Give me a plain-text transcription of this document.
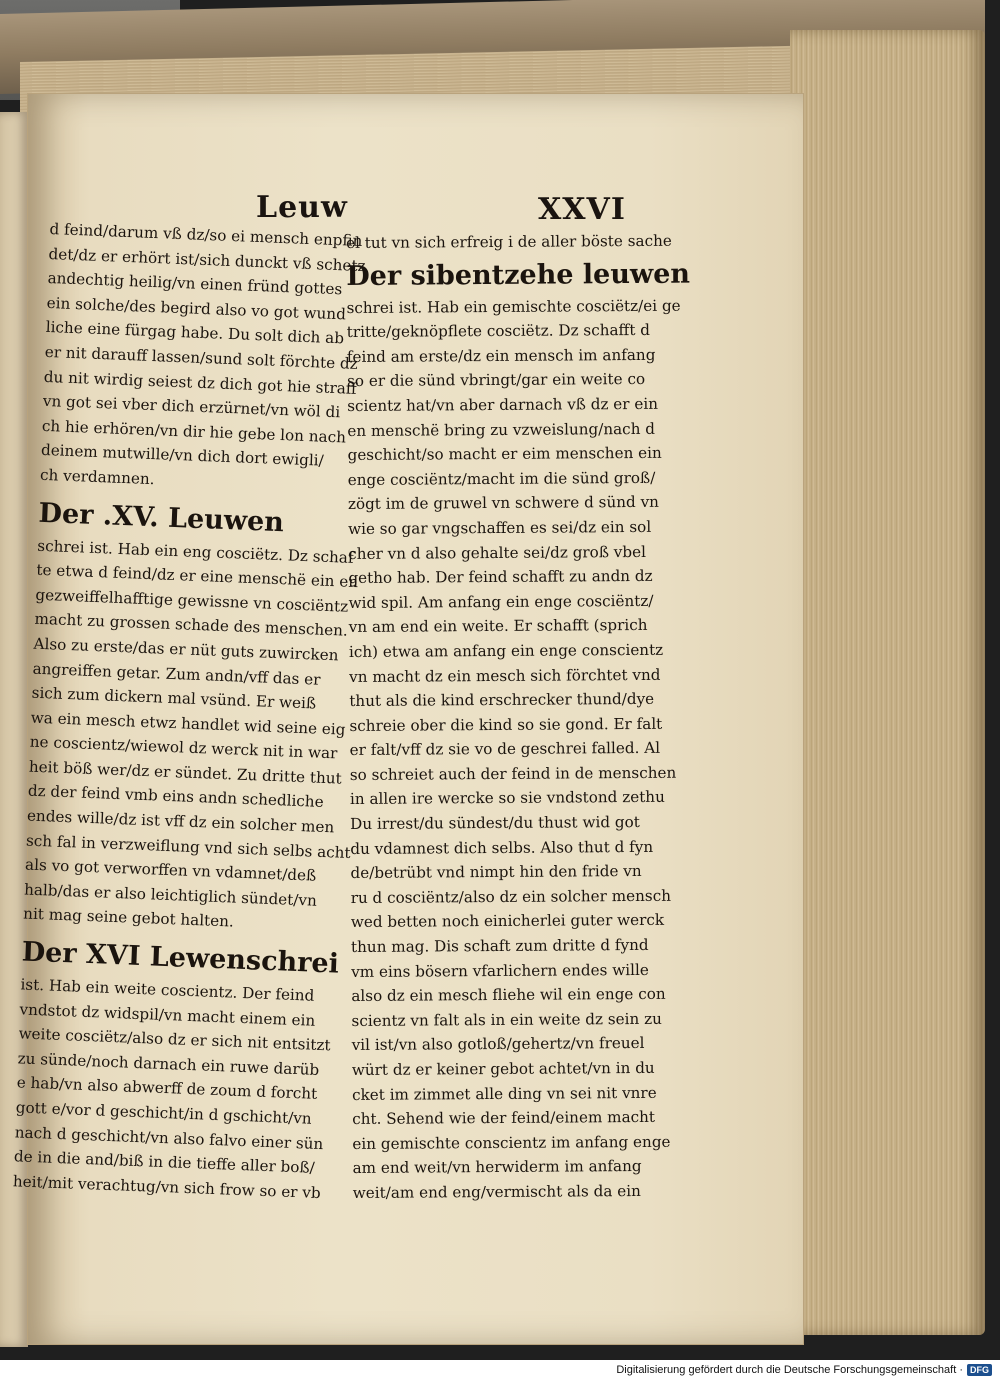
Leuw	XXVI

d feind/darum vß dz/so ei mensch enpfin

det/dz er erhört ist/sich dunckt vß schetz

andechtig heilig/vn einen fründ gottes

ein solche/des begird also vo got wund

liche eine fürgag habe. Du solt dich ab

er nit darauff lassen/sund solt förchte dz

du nit wirdig seiest dz dich got hie straff

vn got sei vber dich erzürnet/vn wöl di

ch hie erhören/vn dir hie gebe lon nach

deinem mutwille/vn dich dort ewigli/

ch verdamnen.

Der .XV. Leuwen

schrei ist. Hab ein eng cosciëtz. Dz schaf

te etwa d feind/dz er eine menschë ein en

gezweiffelhafftige gewissne vn cosciëntz

macht zu grossen schade des menschen.

Also zu erste/das er nüt guts zuwircken

angreiffen getar. Zum andn/vff das er

sich zum dickern mal vsünd. Er weiß

wa ein mesch etwz handlet wid seine eig

ne coscientz/wiewol dz werck nit in war

heit böß wer/dz er sündet. Zu dritte thut

dz der feind vmb eins andn schedliche

endes wille/dz ist vff dz ein solcher men

sch fal in verzweiflung vnd sich selbs acht

als vo got verworffen vn vdamnet/deß

halb/das er also leichtiglich sündet/vn

nit mag seine gebot halten.

Der XVI Lewenschrei

ist. Hab ein weite coscientz. Der feind

vndstot dz widspil/vn macht einem ein

weite cosciëtz/also dz er sich nit entsitzt

zu sünde/noch darnach ein ruwe darüb

e hab/vn also abwerff de zoum d forcht

gott e/vor d geschicht/in d gschicht/vn

nach d geschicht/vn also falvo einer sün

de in die and/biß in die tieffe aller boß/

heit/mit verachtug/vn sich frow so er vb

el tut vn sich erfreig i de aller böste sache

Der sibentzehe leuwen

schrei ist. Hab ein gemischte cosciëtz/ei ge

tritte/geknöpflete cosciëtz. Dz schafft d

feind am erste/dz ein mensch im anfang

so er die sünd vbringt/gar ein weite co

scientz hat/vn aber darnach vß dz er ein

en menschë bring zu vzweislung/nach d

geschicht/so macht er eim menschen ein

enge cosciëntz/macht im die sünd groß/

zögt im de gruwel vn schwere d sünd vn

wie so gar vngschaffen es sei/dz ein sol

cher vn d also gehalte sei/dz groß vbel

getho hab. Der feind schafft zu andn dz

wid spil. Am anfang ein enge cosciëntz/

vn am end ein weite. Er schafft (sprich

ich) etwa am anfang ein enge conscientz

vn macht dz ein mesch sich förchtet vnd

thut als die kind erschrecker thund/dye

schreie ober die kind so sie gond. Er falt

er falt/vff dz sie vo de geschrei falled. Al

so schreiet auch der feind in de menschen

in allen ire wercke so sie vndstond zethu

Du irrest/du sündest/du thust wid got

du vdamnest dich selbs. Also thut d fyn

de/betrübt vnd nimpt hin den fride vn

ru d cosciëntz/also dz ein solcher mensch

wed betten noch einicherlei guter werck

thun mag. Dis schaft zum dritte d fynd

vm eins bösern vfarlichern endes wille

also dz ein mesch fliehe wil ein enge con

scientz vn falt als in ein weite dz sein zu

vil ist/vn also gotloß/gehertz/vn freuel

würt dz er keiner gebot achtet/vn in du

cket im zimmet alle ding vn sei nit vnre

cht. Sehend wie der feind/einem macht

ein gemischte conscientz im anfang enge

am end weit/vn herwiderm im anfang

weit/am end eng/vermischt als da ein

Digitalisierung gefördert durch die Deutsche Forschungsgemeinschaft · DFG
